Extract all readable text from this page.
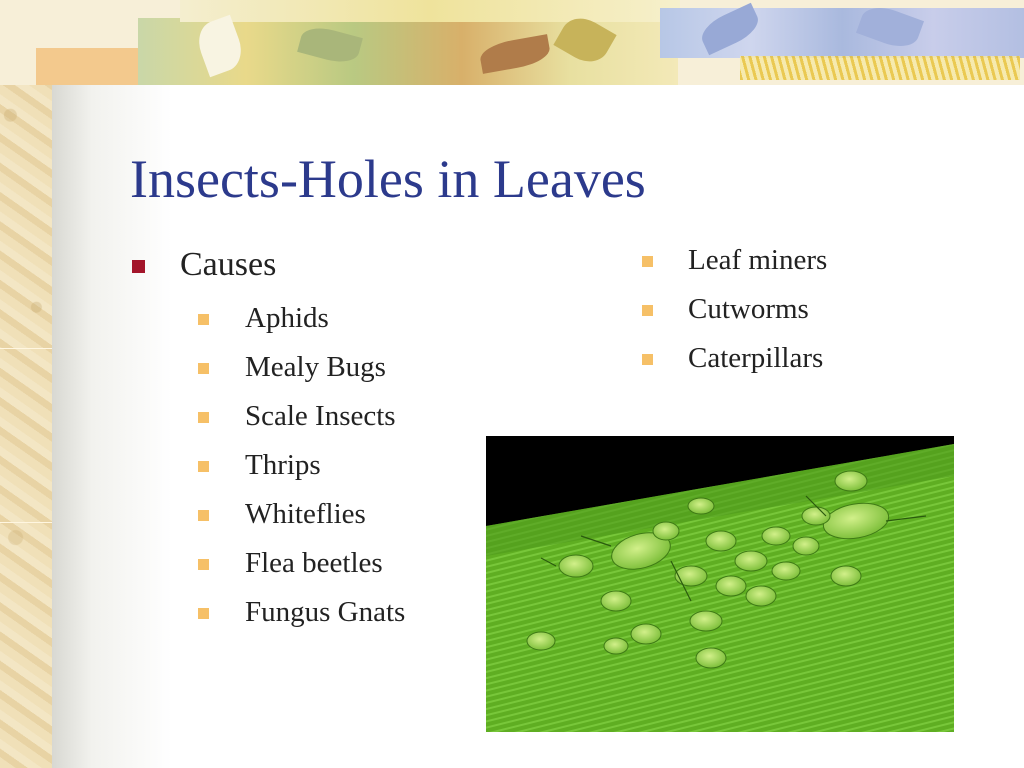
Insects-Holes in Leaves
Causes
Aphids
Mealy Bugs
Scale Insects
Thrips
Whiteflies
Flea beetles
Fungus Gnats
Leaf miners
Cutworms
Caterpillars
